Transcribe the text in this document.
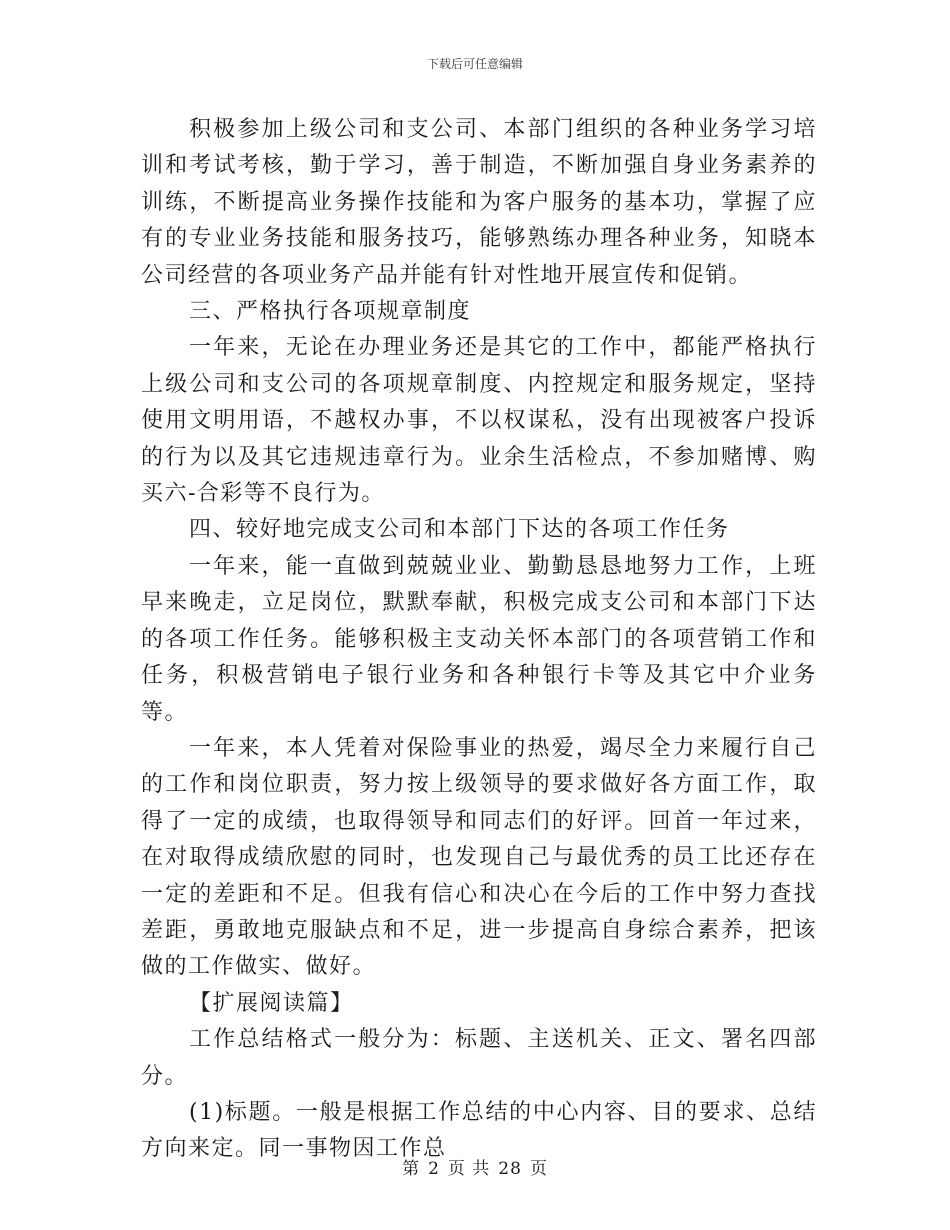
下载后可任意编辑

积极参加上级公司和支公司、本部门组织的各种业务学习培训和考试考核，勤于学习，善于制造，不断加强自身业务素养的训练，不断提高业务操作技能和为客户服务的基本功，掌握了应有的专业业务技能和服务技巧，能够熟练办理各种业务，知晓本公司经营的各项业务产品并能有针对性地开展宣传和促销。

三、严格执行各项规章制度

一年来，无论在办理业务还是其它的工作中，都能严格执行上级公司和支公司的各项规章制度、内控规定和服务规定，坚持使用文明用语，不越权办事，不以权谋私，没有出现被客户投诉的行为以及其它违规违章行为。业余生活检点，不参加赌博、购买六-合彩等不良行为。

四、较好地完成支公司和本部门下达的各项工作任务

一年来，能一直做到兢兢业业、勤勤恳恳地努力工作，上班早来晚走，立足岗位，默默奉献，积极完成支公司和本部门下达的各项工作任务。能够积极主支动关怀本部门的各项营销工作和任务，积极营销电子银行业务和各种银行卡等及其它中介业务等。

一年来，本人凭着对保险事业的热爱，竭尽全力来履行自己的工作和岗位职责，努力按上级领导的要求做好各方面工作，取得了一定的成绩，也取得领导和同志们的好评。回首一年过来，在对取得成绩欣慰的同时，也发现自己与最优秀的员工比还存在一定的差距和不足。但我有信心和决心在今后的工作中努力查找差距，勇敢地克服缺点和不足，进一步提高自身综合素养，把该做的工作做实、做好。

【扩展阅读篇】

工作总结格式一般分为：标题、主送机关、正文、署名四部分。

(1)标题。一般是根据工作总结的中心内容、目的要求、总结方向来定。同一事物因工作总

第 2 页 共 28 页
